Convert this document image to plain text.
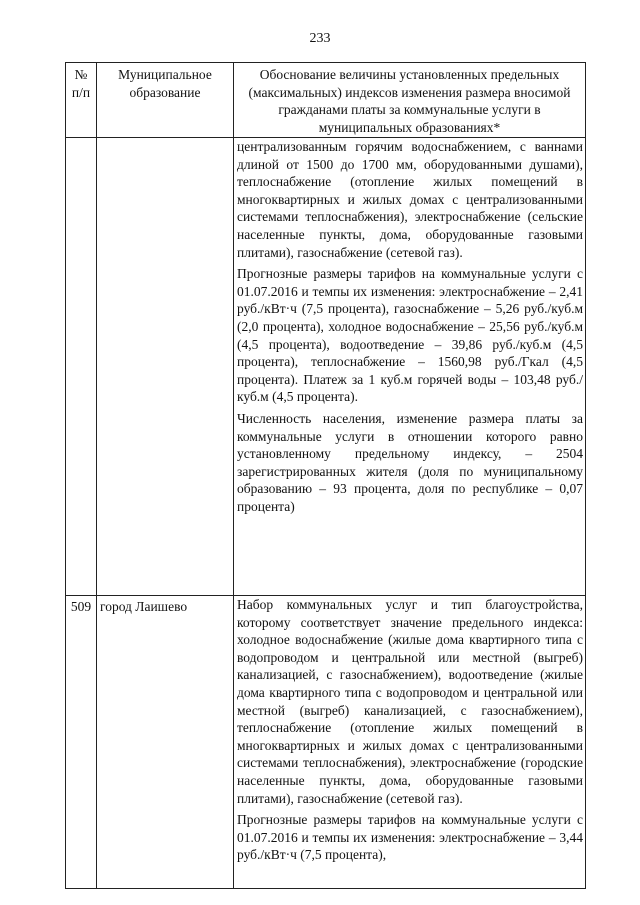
233
№ п/п	Муниципальное образование	Обоснование величины установленных предельных (максимальных) индексов изменения размера вносимой гражданами платы за коммунальные услуги в муниципальных образованиях*

		централизованным горячим водоснабжением, с ваннами длиной от 1500 до 1700 мм, оборудованными душами), теплоснабжение (отопление жилых помещений в многоквартирных и жилых домах с централизованными системами теплоснабжения), электроснабжение (сельские населенные пункты, дома, оборудованные газовыми плитами), газоснабжение (сетевой газ).

Прогнозные размеры тарифов на коммунальные услуги с 01.07.2016 и темпы их изменения: электроснабжение – 2,41 руб./кВт·ч (7,5 процента), газоснабжение – 5,26 руб./куб.м (2,0 процента), холодное водоснабжение – 25,56 руб./куб.м (4,5 процента), водоотведение – 39,86 руб./куб.м (4,5 процента), теплоснабжение – 1560,98 руб./Гкал (4,5 процента). Платеж за 1 куб.м горячей воды – 103,48 руб./куб.м (4,5 процента).

Численность населения, изменение размера платы за коммунальные услуги в отношении которого равно установленному предельному индексу, – 2504 зарегистрированных жителя (доля по муниципальному образованию – 93 процента, доля по республике – 0,07 процента)

509	город Лаишево	Набор коммунальных услуг и тип благоустройства, которому соответствует значение предельного индекса: холодное водоснабжение (жилые дома квартирного типа с водопроводом и центральной или местной (выгреб) канализацией, с газоснабжением), водоотведение (жилые дома квартирного типа с водопроводом и центральной или местной (выгреб) канализацией, с газоснабжением), теплоснабжение (отопление жилых помещений в многоквартирных и жилых домах с централизованными системами теплоснабжения), электроснабжение (городские населенные пункты, дома, оборудованные газовыми плитами), газоснабжение (сетевой газ).

Прогнозные размеры тарифов на коммунальные услуги с 01.07.2016 и темпы их изменения: электроснабжение – 3,44 руб./кВт·ч (7,5 процента),
